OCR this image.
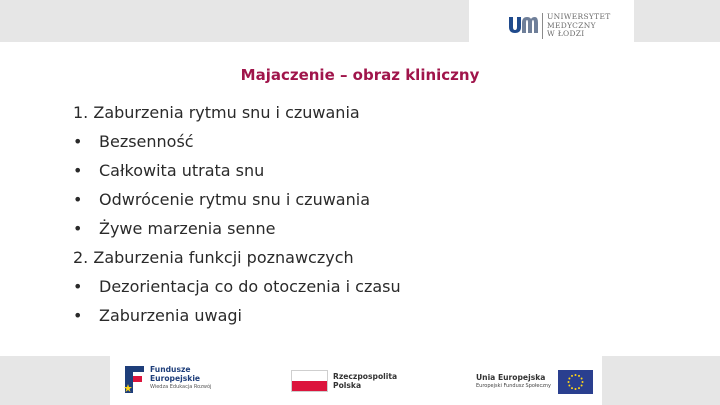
UNIWERSYTET
MEDYCZNY
W ŁODZI
Majaczenie – obraz kliniczny
1. Zaburzenia rytmu snu i czuwania
• Bezsenność
• Całkowita utrata snu
• Odwrócenie rytmu snu i czuwania
• Żywe marzenia senne
2. Zaburzenia funkcji poznawczych
• Dezorientacja co do otoczenia i czasu
• Zaburzenia uwagi
Fundusze
Europejskie
Wiedza Edukacja Rozwój
Rzeczpospolita
Polska
Unia Europejska
Europejski Fundusz Społeczny
